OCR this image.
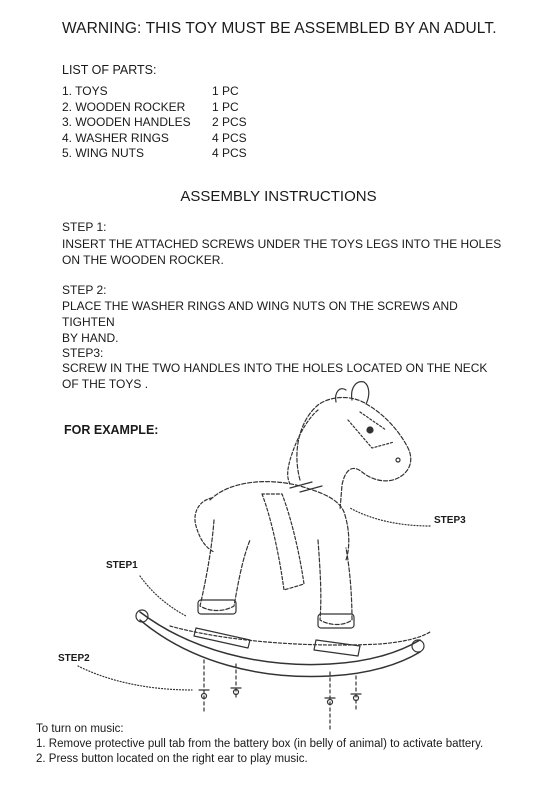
WARNING: THIS TOY MUST BE ASSEMBLED BY AN ADULT.
LIST OF PARTS:
1. TOYS	1 PC
2. WOODEN ROCKER	1 PC
3. WOODEN HANDLES	2 PCS
4. WASHER RINGS	4 PCS
5. WING NUTS	4 PCS
ASSEMBLY INSTRUCTIONS
STEP 1:
INSERT THE ATTACHED SCREWS UNDER THE TOYS LEGS INTO THE HOLES
ON THE WOODEN ROCKER.
STEP 2:
PLACE THE WASHER RINGS AND WING NUTS ON THE SCREWS AND TIGHTEN
BY HAND.
STEP3:
SCREW IN THE TWO HANDLES INTO THE HOLES LOCATED ON THE NECK
OF THE TOYS .
FOR EXAMPLE:
STEP1
STEP2
STEP3
To turn on music:
1. Remove protective pull tab from the battery box (in belly of animal) to activate battery.
2. Press button located on the right ear to play music.
